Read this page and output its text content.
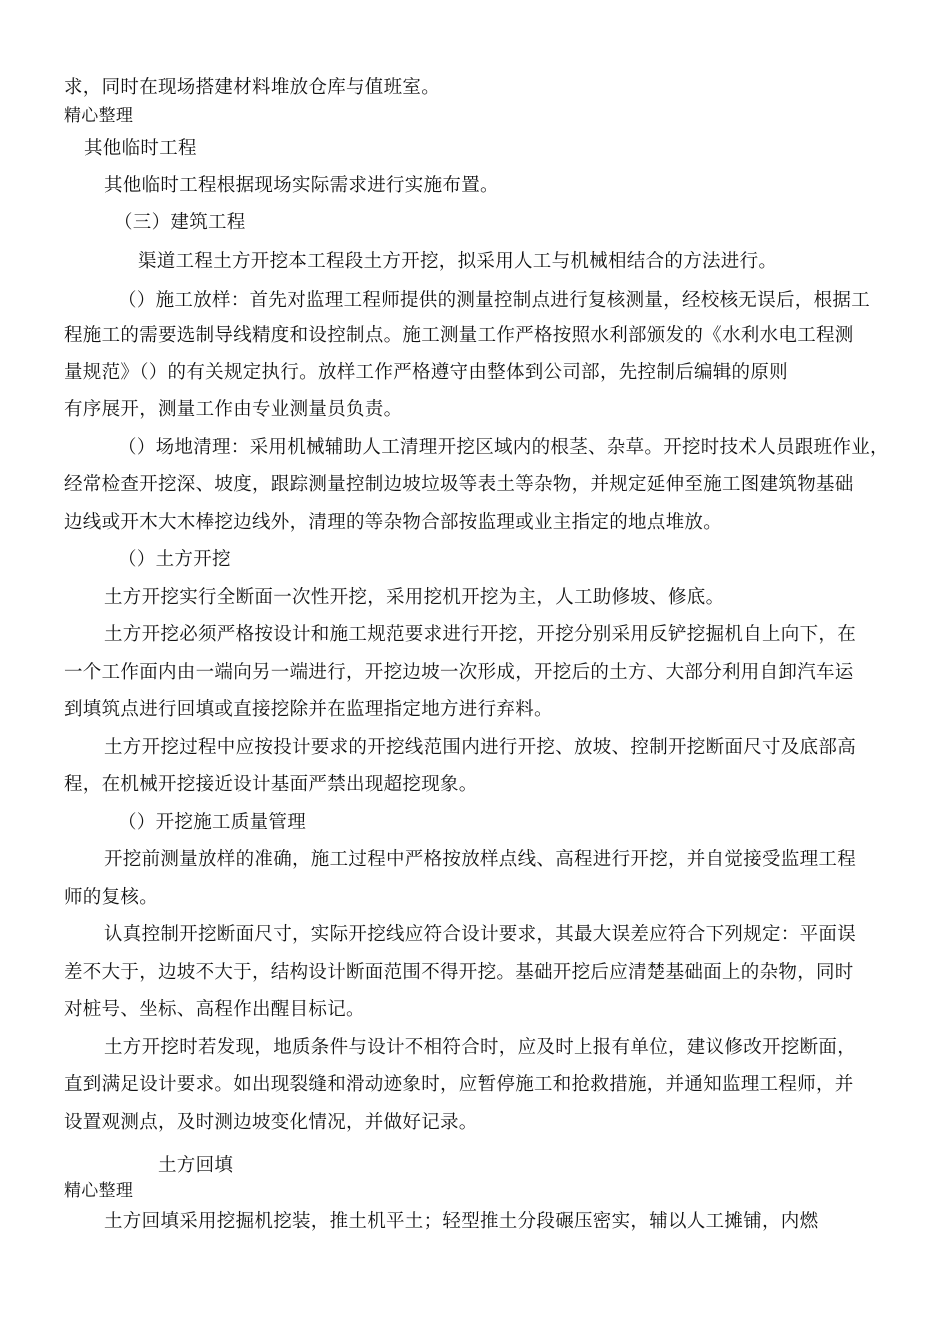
求，同时在现场搭建材料堆放仓库与值班室。
精心整理
其他临时工程
其他临时工程根据现场实际需求进行实施布置。
（三）建筑工程
渠道工程土方开挖本工程段土方开挖，拟采用人工与机械相结合的方法进行。
（）施工放样：首先对监理工程师提供的测量控制点进行复核测量，经校核无误后，根据工
程施工的需要选制导线精度和设控制点。施工测量工作严格按照水利部颁发的《水利水电工程测
量规范》（）的有关规定执行。放样工作严格遵守由整体到公司部，先控制后编辑的原则
有序展开，测量工作由专业测量员负责。
（）场地清理：采用机械辅助人工清理开挖区域内的根茎、杂草。开挖时技术人员跟班作业，
经常检查开挖深、坡度，跟踪测量控制边坡垃圾等表土等杂物，并规定延伸至施工图建筑物基础
边线或开木大木棒挖边线外，清理的等杂物合部按监理或业主指定的地点堆放。
（）土方开挖
土方开挖实行全断面一次性开挖，采用挖机开挖为主，人工助修坡、修底。
土方开挖必须严格按设计和施工规范要求进行开挖，开挖分别采用反铲挖掘机自上向下，在
一个工作面内由一端向另一端进行，开挖边坡一次形成，开挖后的土方、大部分利用自卸汽车运
到填筑点进行回填或直接挖除并在监理指定地方进行弃料。
土方开挖过程中应按投计要求的开挖线范围内进行开挖、放坡、控制开挖断面尺寸及底部高
程，在机械开挖接近设计基面严禁出现超挖现象。
（）开挖施工质量管理
开挖前测量放样的准确，施工过程中严格按放样点线、高程进行开挖，并自觉接受监理工程
师的复核。
认真控制开挖断面尺寸，实际开挖线应符合设计要求，其最大误差应符合下列规定：平面误
差不大于，边坡不大于，结构设计断面范围不得开挖。基础开挖后应清楚基础面上的杂物，同时
对桩号、坐标、高程作出醒目标记。
土方开挖时若发现，地质条件与设计不相符合时，应及时上报有单位，建议修改开挖断面，
直到满足设计要求。如出现裂缝和滑动迹象时，应暂停施工和抢救措施，并通知监理工程师，并
设置观测点，及时测边坡变化情况，并做好记录。
土方回填
精心整理
土方回填采用挖掘机挖装，推土机平土；轻型推土分段碾压密实，辅以人工摊铺，内燃
